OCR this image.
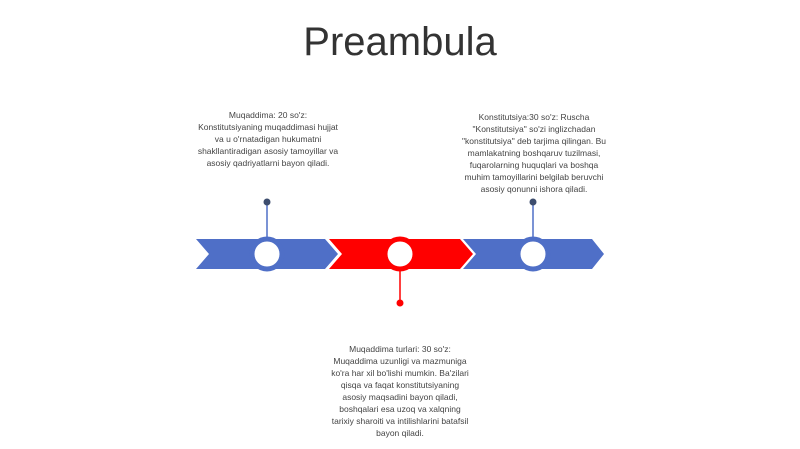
Preambula
Muqaddima: 20 so'z: Konstitutsiyaning muqaddimasi hujjat va u o'rnatadigan hukumatni shakllantiradigan asosiy tamoyillar va asosiy qadriyatlarni bayon qiladi.
Muqaddima turlari: 30 so'z: Muqaddima uzunligi va mazmuniga ko'ra har xil bo'lishi mumkin. Ba'zilari qisqa va faqat konstitutsiyaning asosiy maqsadini bayon qiladi, boshqalari esa uzoq va xalqning tarixiy sharoiti va intilishlarini batafsil bayon qiladi.
Konstitutsiya:30 so'z: Ruscha "Konstitutsiya" so'zi inglizchadan "konstitutsiya" deb tarjima qilingan. Bu mamlakatning boshqaruv tuzilmasi, fuqarolarning huquqlari va boshqa muhim tamoyillarini belgilab beruvchi asosiy qonunni ishora qiladi.
